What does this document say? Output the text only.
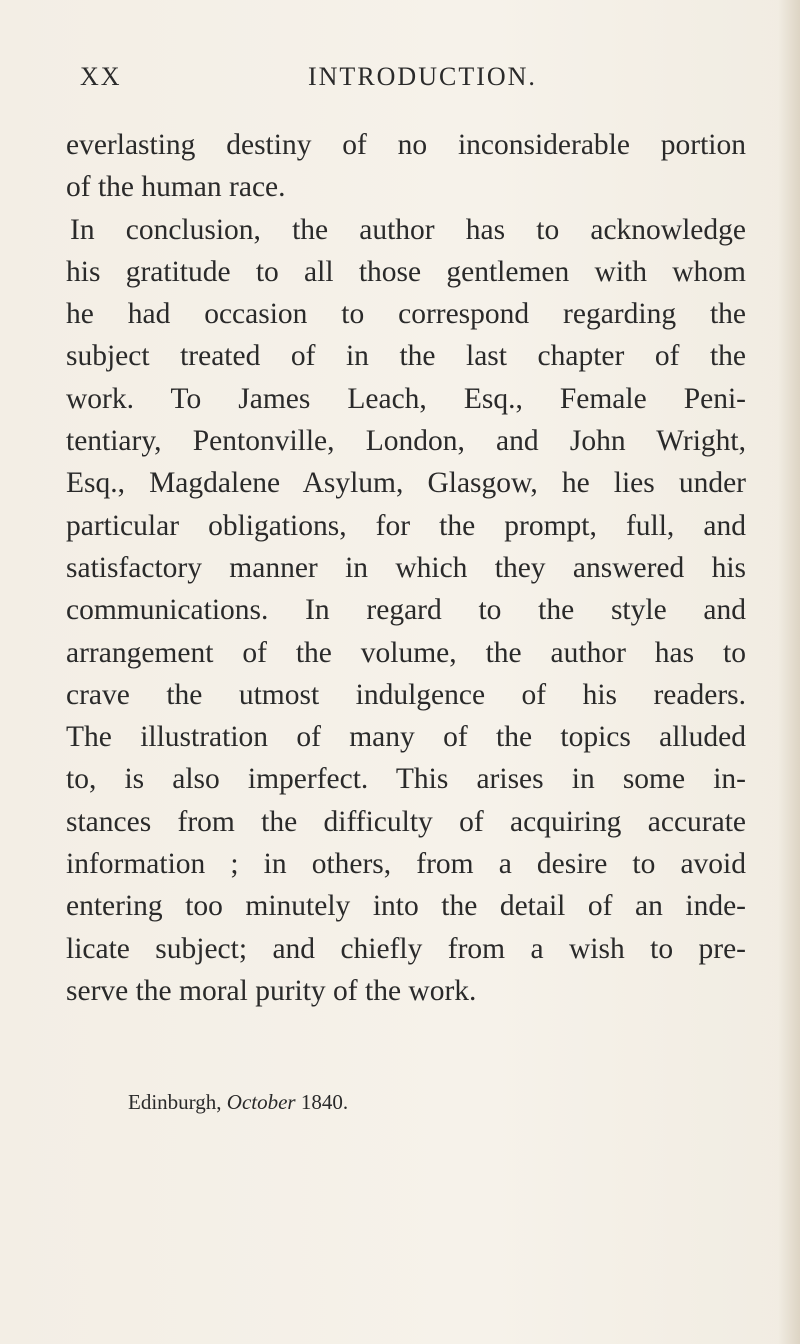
XX	INTRODUCTION.
everlasting destiny of no inconsiderable portion
of the human race.
In conclusion, the author has to acknowledge
his gratitude to all those gentlemen with whom
he had occasion to correspond regarding the
subject treated of in the last chapter of the
work. To James Leach, Esq., Female Peni-
tentiary, Pentonville, London, and John Wright,
Esq., Magdalene Asylum, Glasgow, he lies under
particular obligations, for the prompt, full, and
satisfactory manner in which they answered his
communications. In regard to the style and
arrangement of the volume, the author has to
crave the utmost indulgence of his readers.
The illustration of many of the topics alluded
to, is also imperfect. This arises in some in-
stances from the difficulty of acquiring accurate
information ; in others, from a desire to avoid
entering too minutely into the detail of an inde-
licate subject; and chiefly from a wish to pre-
serve the moral purity of the work.
Edinburgh, October 1840.
